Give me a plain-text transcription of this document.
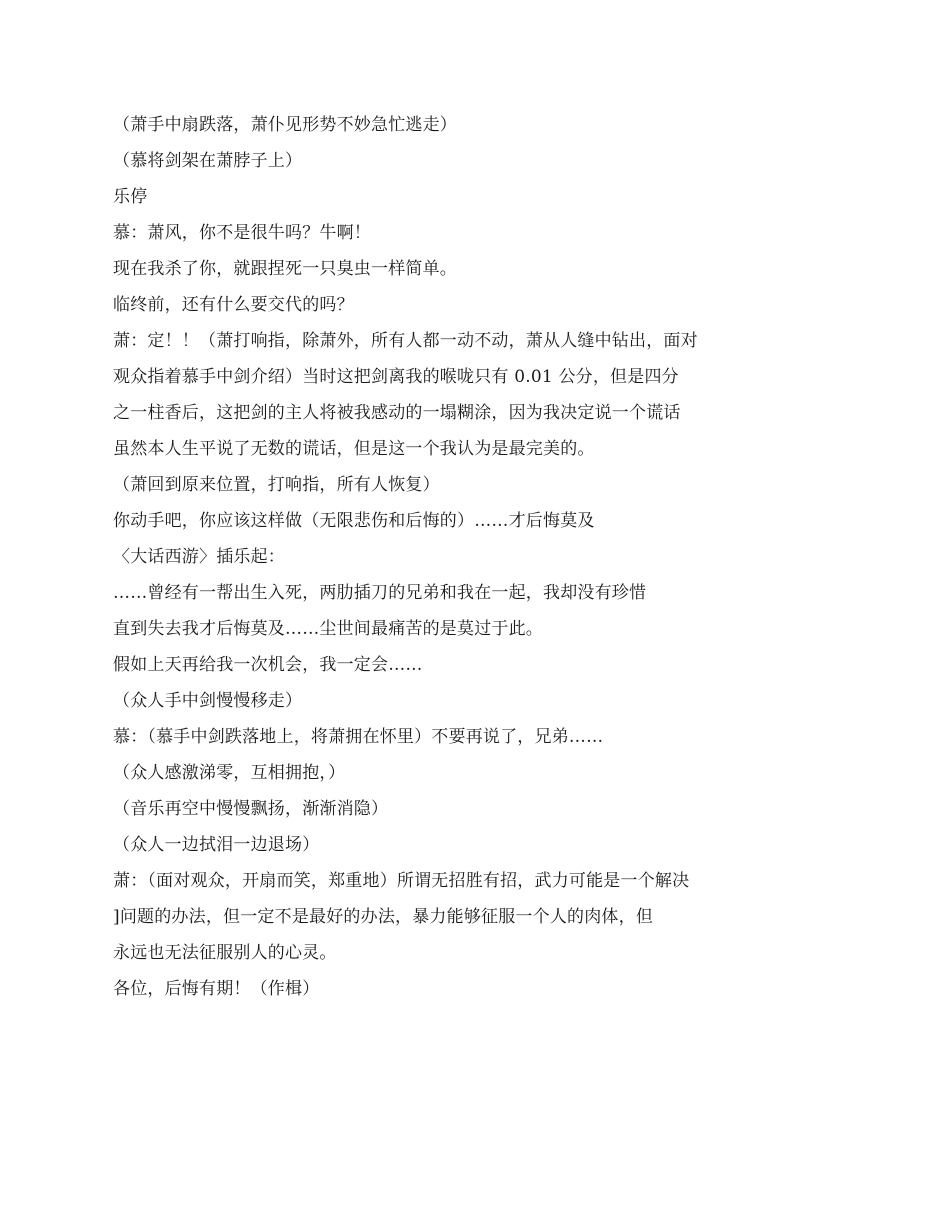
（萧手中扇跌落，萧仆见形势不妙急忙逃走）
（慕将剑架在萧脖子上）
乐停
慕：萧风，你不是很牛吗？牛啊！
现在我杀了你，就跟捏死一只臭虫一样简单。
临终前，还有什么要交代的吗？
萧：定！！（萧打响指，除萧外，所有人都一动不动，萧从人缝中钻出，面对
观众指着慕手中剑介绍）当时这把剑离我的喉咙只有 0.01 公分，但是四分
之一柱香后，这把剑的主人将被我感动的一塌糊涂，因为我决定说一个谎话
虽然本人生平说了无数的谎话，但是这一个我认为是最完美的。
（萧回到原来位置，打响指，所有人恢复）
你动手吧，你应该这样做（无限悲伤和后悔的）……才后悔莫及
〈大话西游〉插乐起：
……曾经有一帮出生入死，两肋插刀的兄弟和我在一起，我却没有珍惜
直到失去我才后悔莫及……尘世间最痛苦的是莫过于此。
假如上天再给我一次机会，我一定会……
（众人手中剑慢慢移走）
慕：（慕手中剑跌落地上，将萧拥在怀里）不要再说了，兄弟……
（众人感激涕零，互相拥抱，）
（音乐再空中慢慢飘扬，渐渐消隐）
（众人一边拭泪一边退场）
萧：（面对观众，开扇而笑，郑重地）所谓无招胜有招，武力可能是一个解决
]问题的办法，但一定不是最好的办法，暴力能够征服一个人的肉体，但
永远也无法征服别人的心灵。
各位，后悔有期！（作楫）
